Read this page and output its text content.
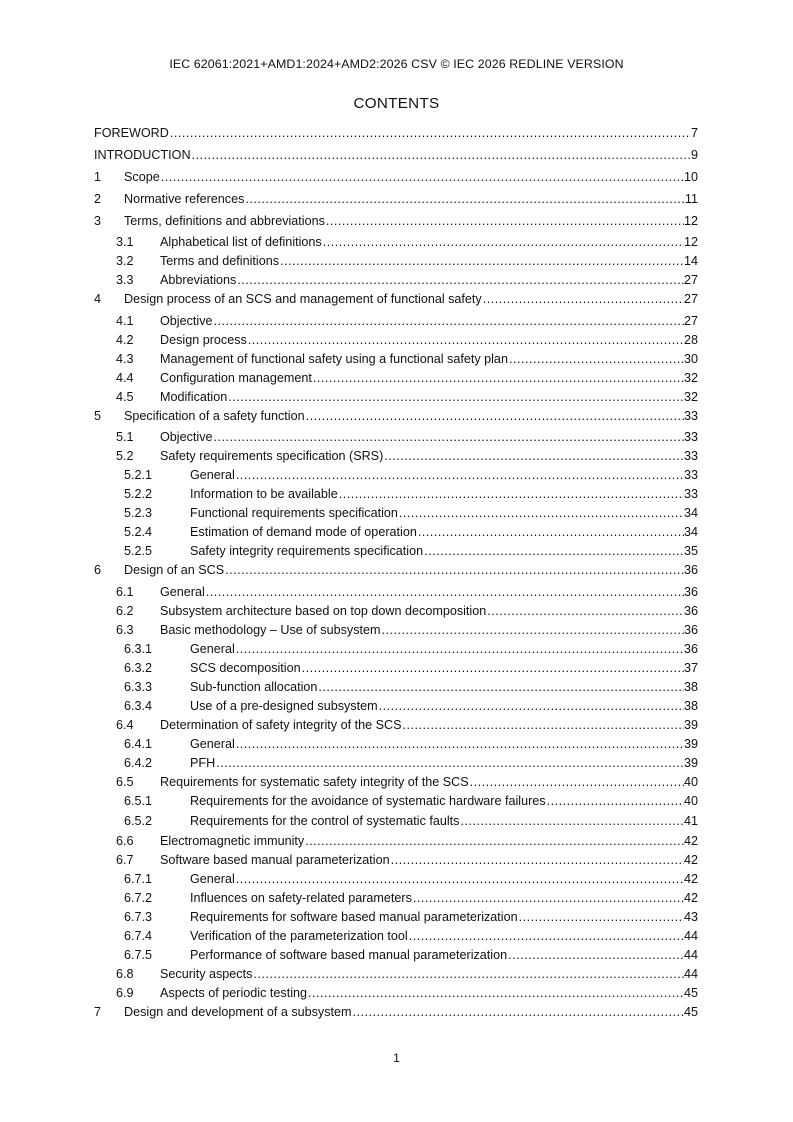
IEC 62061:2021+AMD1:2024+AMD2:2026 CSV © IEC 2026 REDLINE VERSION
CONTENTS
FOREWORD .....	7
INTRODUCTION .....	9
1	Scope .....	10
2	Normative references .....	11
3	Terms, definitions and abbreviations .....	12
3.1	Alphabetical list of definitions .....	12
3.2	Terms and definitions .....	14
3.3	Abbreviations .....	27
4	Design process of an SCS and management of functional safety .....	27
4.1	Objective .....	27
4.2	Design process .....	28
4.3	Management of functional safety using a functional safety plan .....	30
4.4	Configuration management .....	32
4.5	Modification .....	32
5	Specification of a safety function .....	33
5.1	Objective .....	33
5.2	Safety requirements specification (SRS) .....	33
5.2.1	General .....	33
5.2.2	Information to be available .....	33
5.2.3	Functional requirements specification .....	34
5.2.4	Estimation of demand mode of operation .....	34
5.2.5	Safety integrity requirements specification .....	35
6	Design of an SCS .....	36
6.1	General .....	36
6.2	Subsystem architecture based on top down decomposition .....	36
6.3	Basic methodology – Use of subsystem .....	36
6.3.1	General .....	36
6.3.2	SCS decomposition .....	37
6.3.3	Sub-function allocation .....	38
6.3.4	Use of a pre-designed subsystem .....	38
6.4	Determination of safety integrity of the SCS .....	39
6.4.1	General .....	39
6.4.2	PFH .....	39
6.5	Requirements for systematic safety integrity of the SCS .....	40
6.5.1	Requirements for the avoidance of systematic hardware failures .....	40
6.5.2	Requirements for the control of systematic faults .....	41
6.6	Electromagnetic immunity .....	42
6.7	Software based manual parameterization .....	42
6.7.1	General .....	42
6.7.2	Influences on safety-related parameters .....	42
6.7.3	Requirements for software based manual parameterization .....	43
6.7.4	Verification of the parameterization tool .....	44
6.7.5	Performance of software based manual parameterization .....	44
6.8	Security aspects .....	44
6.9	Aspects of periodic testing .....	45
7	Design and development of a subsystem .....	45
1
